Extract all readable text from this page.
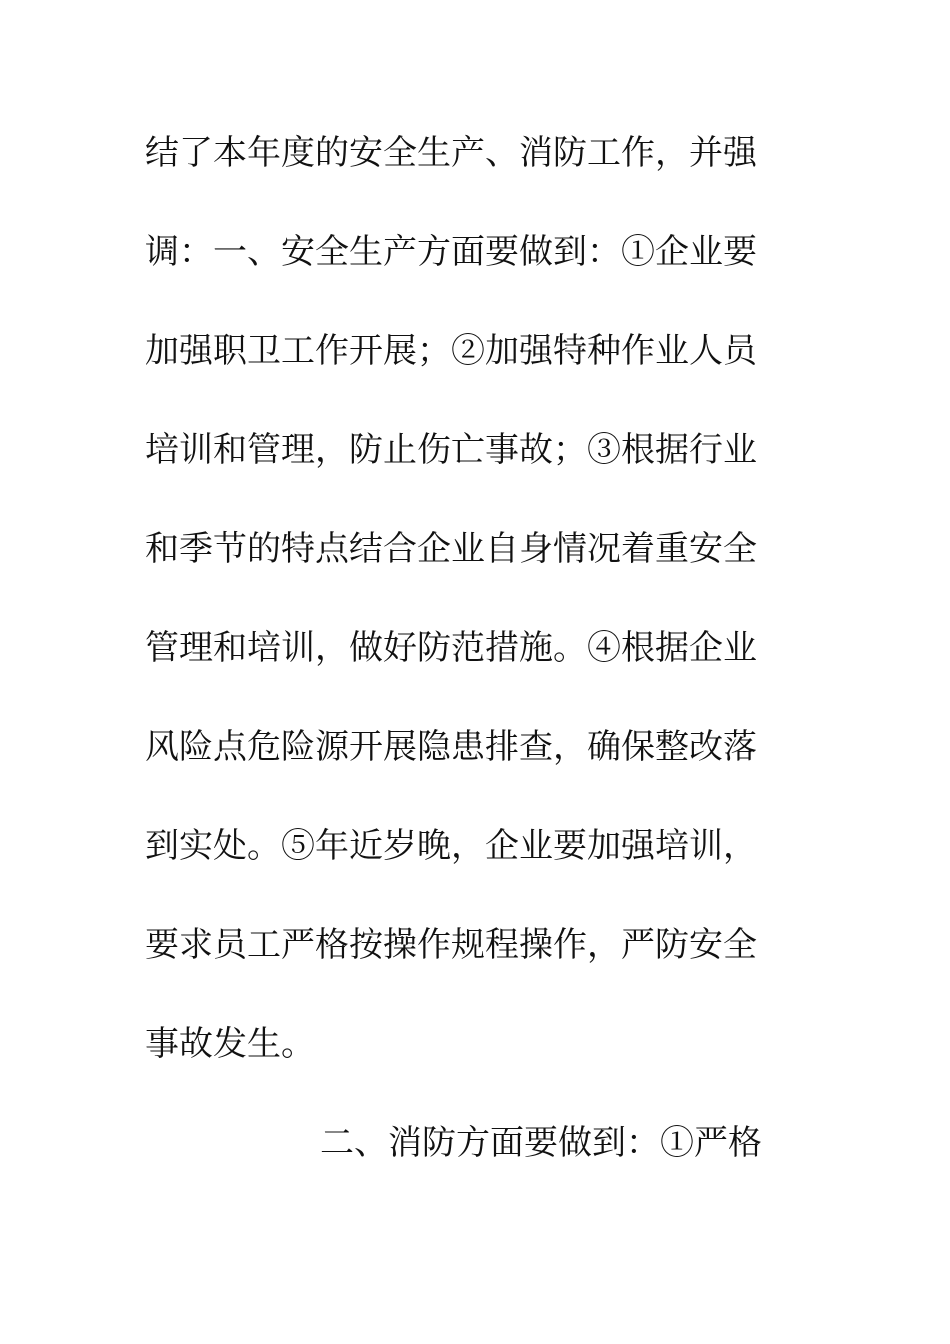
结了本年度的安全生产、消防工作，并强
调：一、安全生产方面要做到：①企业要
加强职卫工作开展；②加强特种作业人员
培训和管理，防止伤亡事故；③根据行业
和季节的特点结合企业自身情况着重安全
管理和培训，做好防范措施。④根据企业
风险点危险源开展隐患排查，确保整改落
到实处。⑤年近岁晚，企业要加强培训，
要求员工严格按操作规程操作，严防安全
事故发生。
二、消防方面要做到：①严格
